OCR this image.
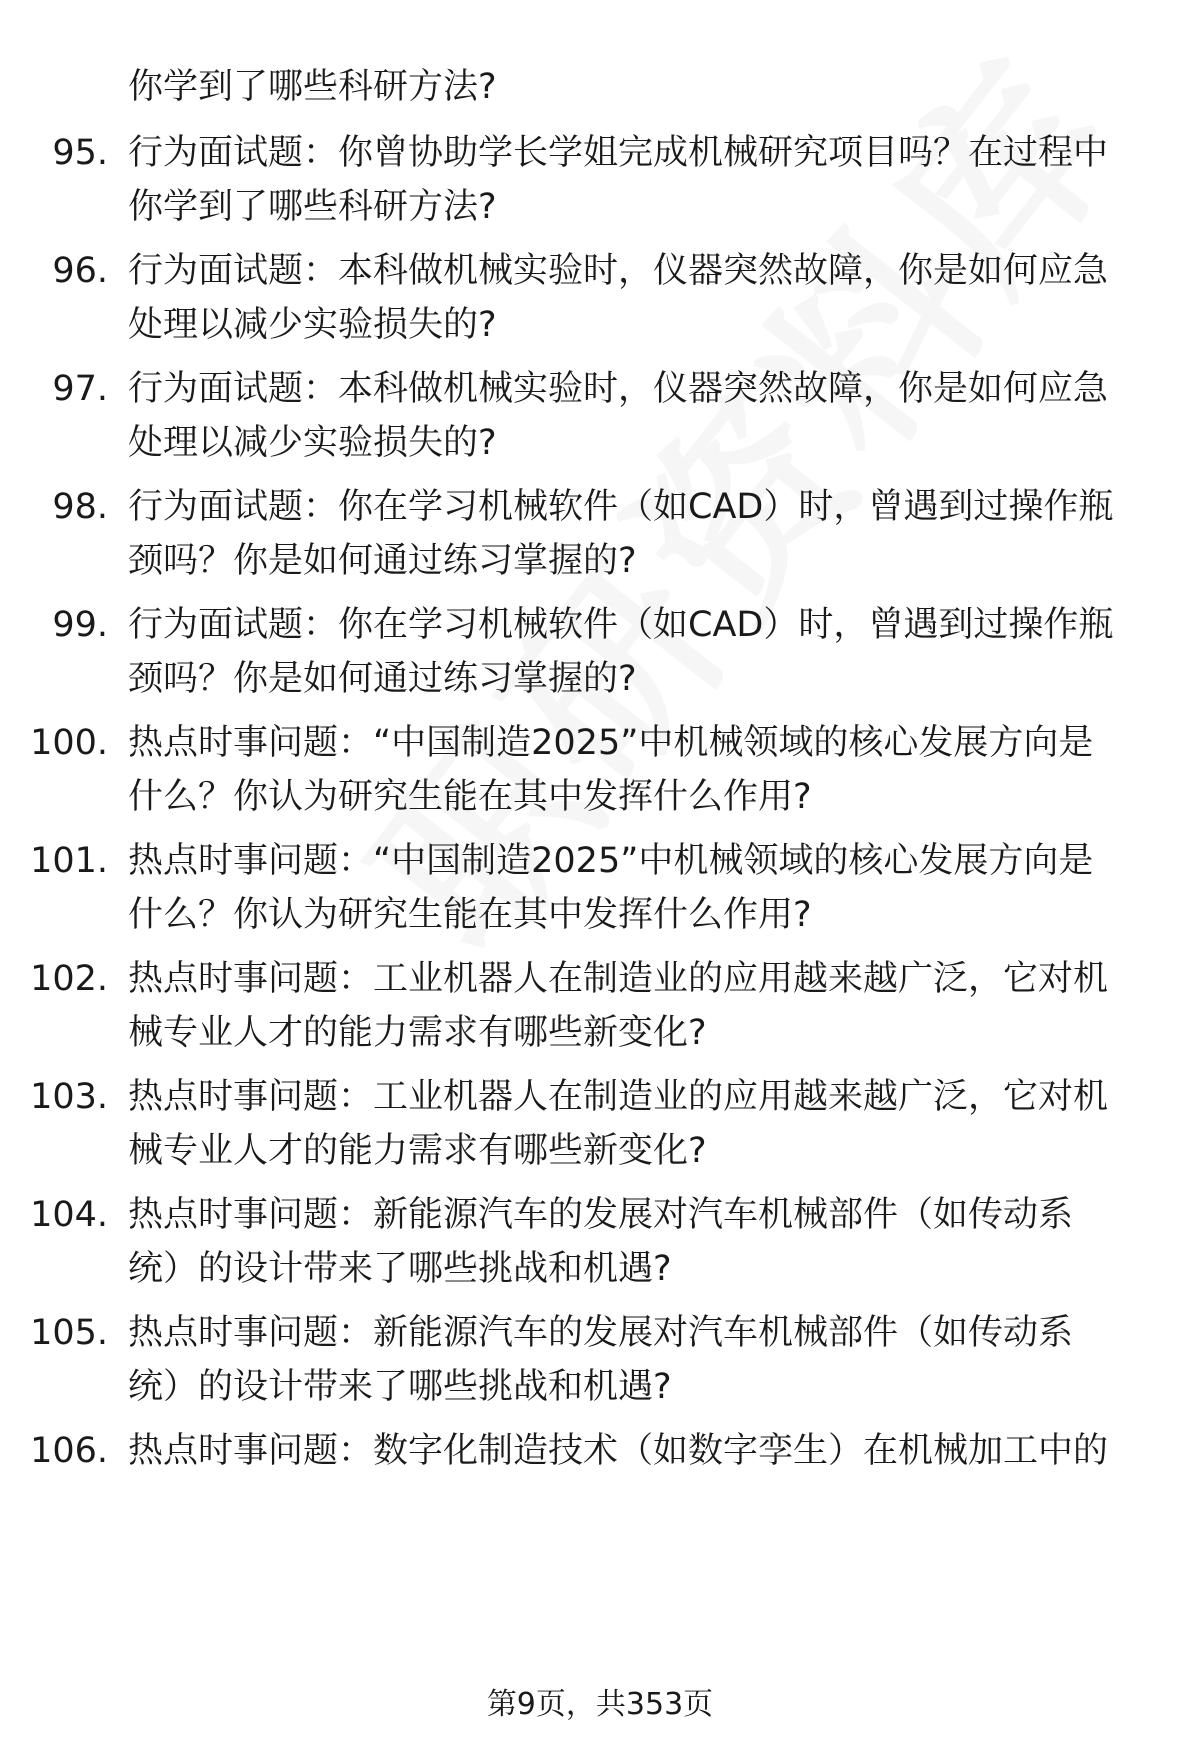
你学到了哪些科研方法?
95. 行为面试题：你曾协助学长学姐完成机械研究项目吗？在过程中
你学到了哪些科研方法?
96. 行为面试题：本科做机械实验时，仪器突然故障，你是如何应急
处理以减少实验损失的?
97. 行为面试题：本科做机械实验时，仪器突然故障，你是如何应急
处理以减少实验损失的?
98. 行为面试题：你在学习机械软件（如CAD）时，曾遇到过操作瓶
颈吗？你是如何通过练习掌握的?
99. 行为面试题：你在学习机械软件（如CAD）时，曾遇到过操作瓶
颈吗？你是如何通过练习掌握的?
100. 热点时事问题：“中国制造2025”中机械领域的核心发展方向是
什么？你认为研究生能在其中发挥什么作用?
101. 热点时事问题：“中国制造2025”中机械领域的核心发展方向是
什么？你认为研究生能在其中发挥什么作用?
102. 热点时事问题：工业机器人在制造业的应用越来越广泛，它对机
械专业人才的能力需求有哪些新变化?
103. 热点时事问题：工业机器人在制造业的应用越来越广泛，它对机
械专业人才的能力需求有哪些新变化?
104. 热点时事问题：新能源汽车的发展对汽车机械部件（如传动系
统）的设计带来了哪些挑战和机遇?
105. 热点时事问题：新能源汽车的发展对汽车机械部件（如传动系
统）的设计带来了哪些挑战和机遇?
106. 热点时事问题：数字化制造技术（如数字孪生）在机械加工中的
第9页，共353页
